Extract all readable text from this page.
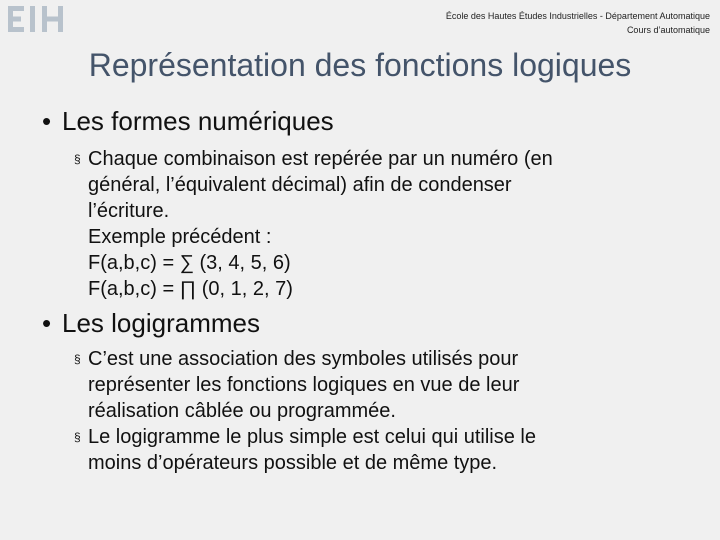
École des Hautes Études Industrielles - Département Automatique
Cours d’automatique
Représentation des fonctions logiques
• Les formes numériques
§ Chaque combinaison est repérée par un numéro (en
général, l’équivalent décimal) afin de condenser
l’écriture.
Exemple précédent :
F(a,b,c) = ∑ (3, 4, 5, 6)
F(a,b,c) = ∏ (0, 1, 2, 7)
• Les logigrammes
§ C’est une association des symboles utilisés pour
représenter les fonctions logiques en vue de leur
réalisation câblée ou programmée.
§ Le logigramme le plus simple est celui qui utilise le
moins d’opérateurs possible et de même type.
